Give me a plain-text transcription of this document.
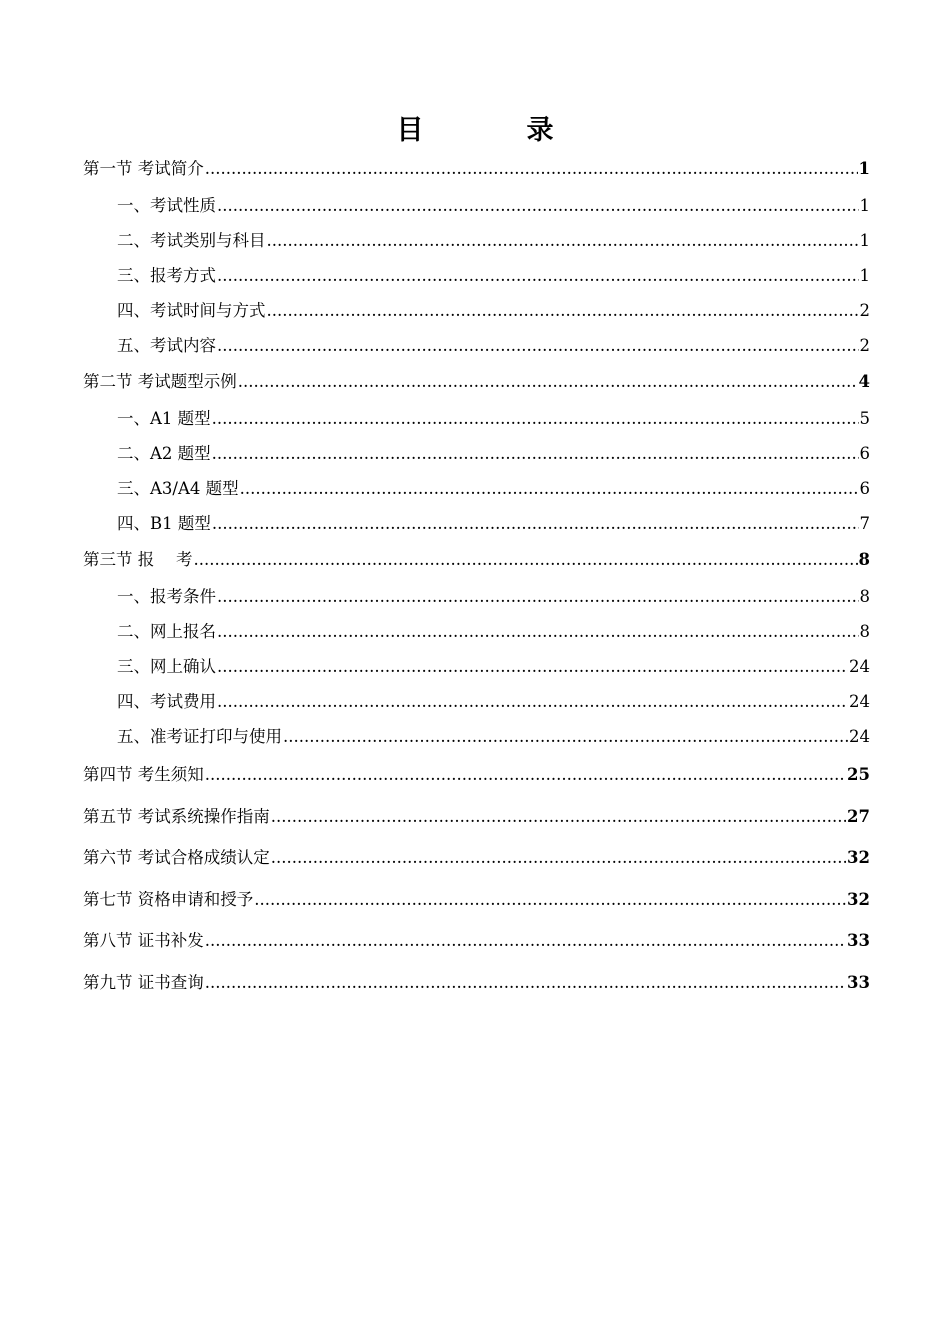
目　录
第一节 考试简介 .....	1
一、考试性质 .....	1
二、考试类别与科目 .....	1
三、报考方式 .....	1
四、考试时间与方式 .....	2
五、考试内容 .....	2
第二节 考试题型示例 .....	4
一、A1 题型 .....	5
二、A2 题型 .....	6
三、A3/A4 题型 .....	6
四、B1 题型 .....	7
第三节 报　 考 .....	8
一、报考条件 .....	8
二、网上报名 .....	8
三、网上确认 .....	24
四、考试费用 .....	24
五、准考证打印与使用 .....	24
第四节 考生须知 .....	25
第五节 考试系统操作指南 .....	27
第六节 考试合格成绩认定 .....	32
第七节 资格申请和授予 .....	32
第八节 证书补发 .....	33
第九节 证书查询 .....	33
